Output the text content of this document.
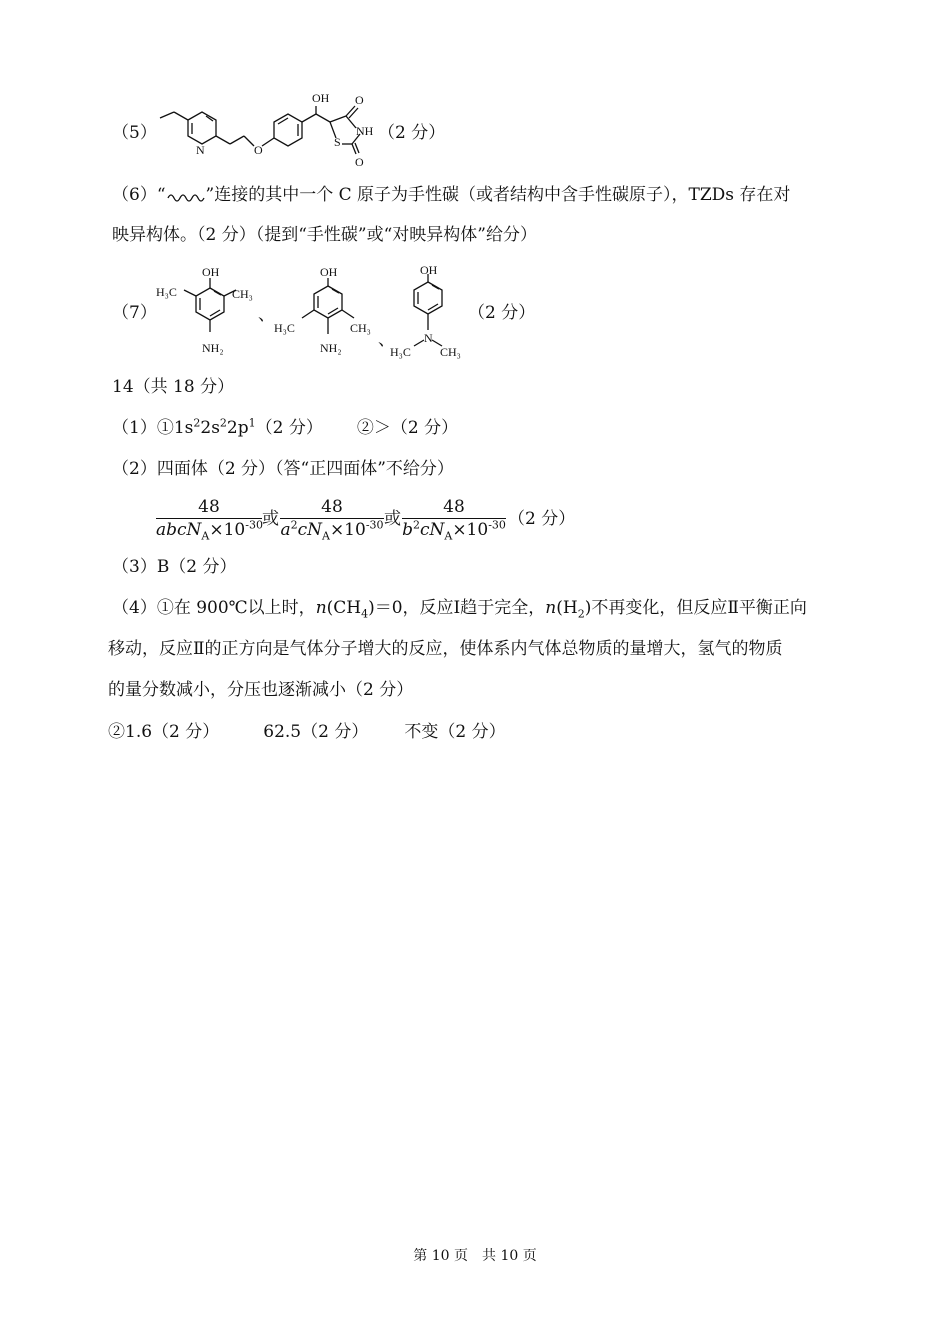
（5）
OH O
NH
S
O
N	O
（2 分）
（6）“ ”连接的其中一个 C 原子为手性碳（或者结构中含手性碳原子），TZDs 存在对
映异构体。（2 分）（提到“手性碳”或“对映异构体”给分）
（7）
OH
H₃C	CH₃
NH₂
、
OH
H₃C	CH₃
NH₂ 、
OH
N
H₃C CH₃
（2 分）
14（共 18 分）
$(1)①1s^22s^22p^1(2$ 分） ②＞（2 分）
（2）四面体（2 分）（答“正四面体”不给分）
48
$abcN_A\times 10^{-30}$ 或
48
$a^2cN_A\times 10^{-30}$ 或
48
$b^2cN_A\times 10^{-30}$ （2 分）
（3）B（2 分）
（4）①在 900℃以上时，$n(CH_4)=0$，反应Ⅰ趋于完全，$n(H_2)$不再变化，但反应Ⅱ平衡正向
移动，反应Ⅱ的正方向是气体分子增大的反应，使体系内气体总物质的量增大，氢气的物质
的量分数减小，分压也逐渐减小（2 分）
②1.6（2 分）	62.5（2 分） 不变（2 分）
第 10 页　共 10 页
